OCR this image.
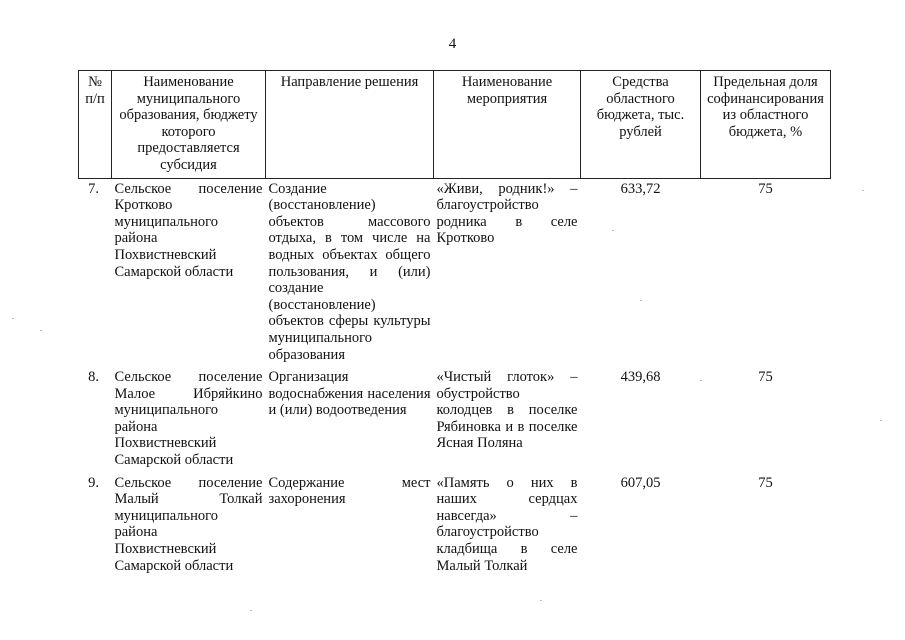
4
№ п/п	Наименование муниципального образования, бюджету которого предоставляется субсидия	Направление решения	Наименование мероприятия	Средства областного бюджета, тыс. рублей	Предельная доля софинансирования из областного бюджета, %
7.	Сельское поселение Кротково муниципального района Похвистневский Самарской области	Создание (восстановление) объектов массового отдыха, в том числе на водных объектах общего пользования, и (или) создание (восстановление) объектов сферы культуры муниципального образования	«Живи, родник!» – благоустройство родника в селе Кротково	633,72	75
8.	Сельское поселение Малое Ибряйкино муниципального района Похвистневский Самарской области	Организация водоснабжения населения и (или) водоотведения	«Чистый глоток» – обустройство колодцев в поселке Рябиновка и в поселке Ясная Поляна	439,68	75
9.	Сельское поселение Малый Толкай муниципального района Похвистневский Самарской области	Содержание мест захоронения	«Память о них в наших сердцах навсегда» – благоустройство кладбища в селе Малый Толкай	607,05	75
